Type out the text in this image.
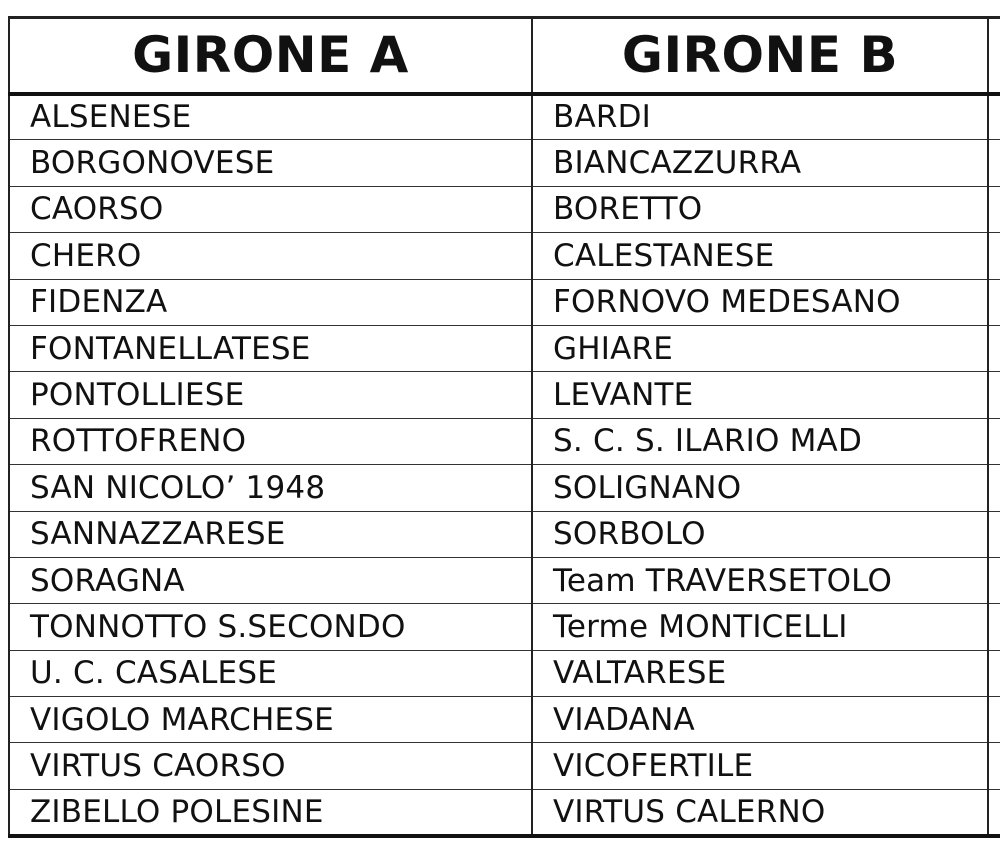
GIRONE A	GIRONE B	
ALSENESE	BARDI	
BORGONOVESE	BIANCAZZURRA	
CAORSO	BORETTO	
CHERO	CALESTANESE	
FIDENZA	FORNOVO MEDESANO	
FONTANELLATESE	GHIARE	
PONTOLLIESE	LEVANTE	
ROTTOFRENO	S. C. S. ILARIO MAD	
SAN NICOLO’ 1948	SOLIGNANO	
SANNAZZARESE	SORBOLO	
SORAGNA	Team TRAVERSETOLO	
TONNOTTO S.SECONDO	Terme MONTICELLI	
U. C. CASALESE	VALTARESE	
VIGOLO MARCHESE	VIADANA	
VIRTUS CAORSO	VICOFERTILE	
ZIBELLO POLESINE	VIRTUS CALERNO	
